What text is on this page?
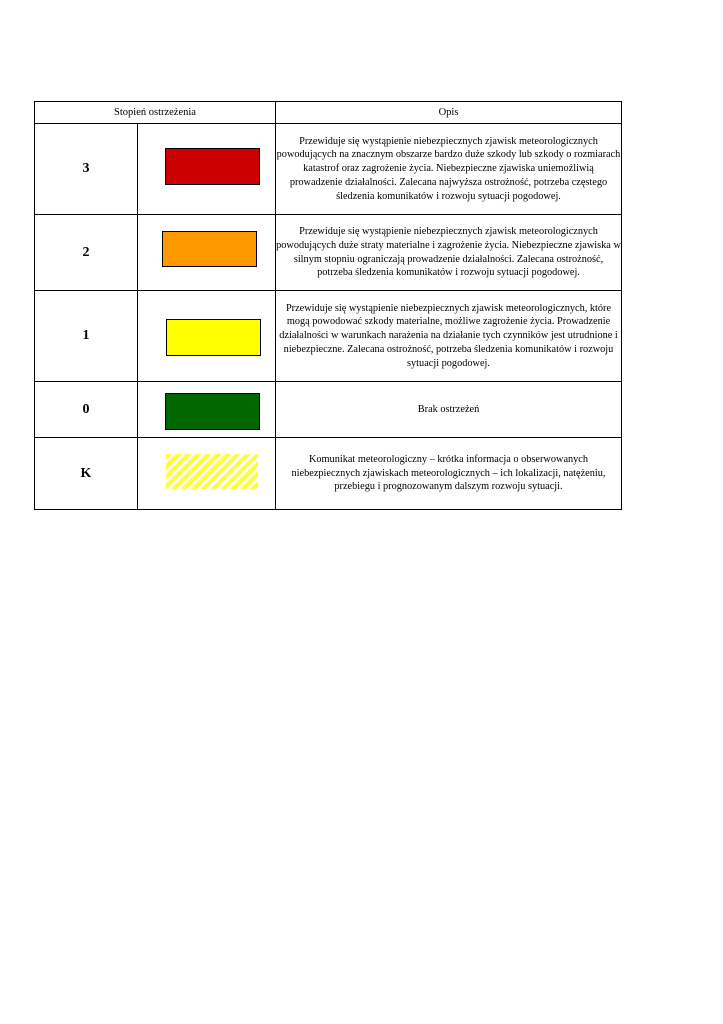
Stopień ostrzeżenia		Opis
3		Przewiduje się wystąpienie niebezpiecznych zjawisk meteorologicznych powodujących na znacznym obszarze bardzo duże szkody lub szkody o rozmiarach katastrof oraz zagrożenie życia. Niebezpieczne zjawiska uniemożliwią prowadzenie działalności. Zalecana najwyższa ostrożność, potrzeba częstego śledzenia komunikatów i rozwoju sytuacji pogodowej.
2		Przewiduje się wystąpienie niebezpiecznych zjawisk meteorologicznych powodujących duże straty materialne i zagrożenie życia. Niebezpieczne zjawiska w silnym stopniu ograniczają prowadzenie działalności. Zalecana ostrożność, potrzeba śledzenia komunikatów i rozwoju sytuacji pogodowej.
1		Przewiduje się wystąpienie niebezpiecznych zjawisk meteorologicznych, które mogą powodować szkody materialne, możliwe zagrożenie życia. Prowadzenie działalności w warunkach narażenia na działanie tych czynników jest utrudnione i niebezpieczne. Zalecana ostrożność, potrzeba śledzenia komunikatów i rozwoju sytuacji pogodowej.
0		Brak ostrzeżeń
K		Komunikat meteorologiczny – krótka informacja o obserwowanych niebezpiecznych zjawiskach meteorologicznych – ich lokalizacji, natężeniu, przebiegu i prognozowanym dalszym rozwoju sytuacji.
